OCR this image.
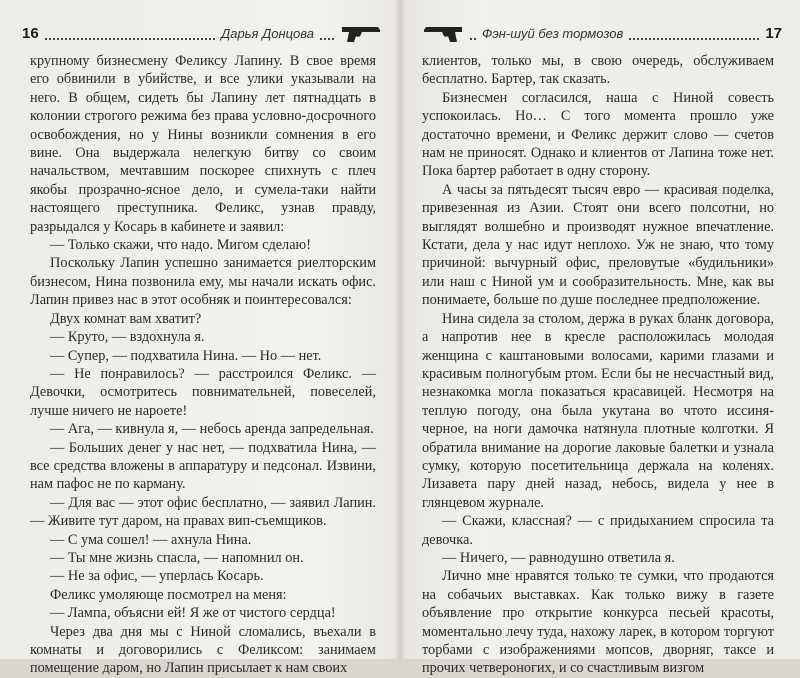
16	Дарья Донцова

крупному бизнесмену Феликсу Лапину. В свое время его обвинили в убийстве, и все улики указывали на него. В общем, сидеть бы Лапину лет пятнадцать в колонии строгого режима без права условно-досрочного освобождения, но у Нины возникли сомнения в его вине. Она выдержала нелегкую битву со своим начальством, мечтавшим поскорее спихнуть с плеч якобы прозрачно-ясное дело, и сумела-таки найти настоящего преступника. Феликс, узнав правду, разрыдался у Косарь в кабинете и заявил:

— Только скажи, что надо. Мигом сделаю!

Поскольку Лапин успешно занимается риелторским бизнесом, Нина позвонила ему, мы начали искать офис. Лапин привез нас в этот особняк и поинтересовался:

Двух комнат вам хватит?

— Круто, — вздохнула я.

— Супер, — подхватила Нина. — Но — нет.

— Не понравилось? — расстроился Феликс. — Девочки, осмотритесь повнимательней, повеселей, лучше ничего не нароете!

— Ага, — кивнула я, — небось аренда запредельная.

— Больших денег у нас нет, — подхватила Нина, — все средства вложены в аппаратуру и педсонал. Извини, нам пафос не по карману.

— Для вас — этот офис бесплатно, — заявил Лапин. — Живите тут даром, на правах вип-съемщиков.

— С ума сошел! — ахнула Нина.

— Ты мне жизнь спасла, — напомнил он.

— Не за офис, — уперлась Косарь.

Феликс умоляюще посмотрел на меня:

— Лампа, объясни ей! Я же от чистого сердца!

Через два дня мы с Ниной сломались, въехали в комнаты и договорились с Феликсом: занимаем помещение даром, но Лапин присылает к нам своих

Фэн-шуй без тормозов	17

клиентов, только мы, в свою очередь, обслуживаем бесплатно. Бартер, так сказать.

Бизнесмен согласился, наша с Ниной совесть успокоилась. Но… С того момента прошло уже достаточно времени, и Феликс держит слово — счетов нам не приносят. Однако и клиентов от Лапина тоже нет. Пока бартер работает в одну сторону.

А часы за пятьдесят тысяч евро — красивая поделка, привезенная из Азии. Стоят они всего полсотни, но выглядят волшебно и производят нужное впечатление. Кстати, дела у нас идут неплохо. Уж не знаю, что тому причиной: вычурный офис, преловутые «будильники» или наш с Ниной ум и сообразительность. Мне, как вы понимаете, больше по душе последнее предположение.

Нина сидела за столом, держа в руках бланк договора, а напротив нее в кресле расположилась молодая женщина с каштановыми волосами, карими глазами и красивым полногубым ртом. Если бы не несчастный вид, незнакомка могла показаться красавицей. Несмотря на теплую погоду, она была укутана во чтото иссиня-черное, на ноги дамочка натянула плотные колготки. Я обратила внимание на дорогие лаковые балетки и узнала сумку, которую посетительница держала на коленях. Лизавета пару дней назад, небось, видела у нее в глянцевом журнале.

— Скажи, классная? — с придыханием спросила та девочка.

— Ничего, — равнодушно ответила я.

Лично мне нравятся только те сумки, что продаются на собачьих выставках. Как только вижу в газете объявление про открытие конкурса песьей красоты, моментально лечу туда, нахожу ларек, в котором торгуют торбами с изображениями мопсов, дворняг, таксе и прочих четвероногих, и со счастливым визгом
